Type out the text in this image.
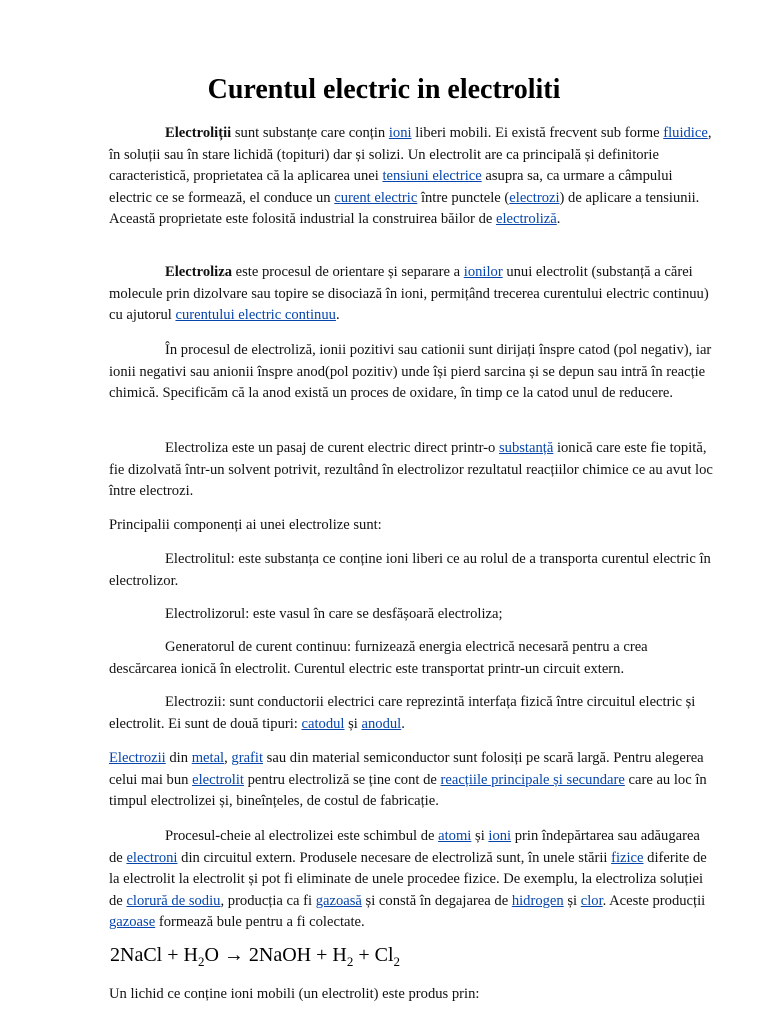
Curentul electric in electroliti

Electroliții sunt substanțe care conțin ioni liberi mobili. Ei există frecvent sub forme fluidice, în soluții sau în stare lichidă (topituri) dar și solizi. Un electrolit are ca principală și definitorie caracteristică, proprietatea că la aplicarea unei tensiuni electrice asupra sa, ca urmare a câmpului electric ce se formează, el conduce un curent electric între punctele (electrozi) de aplicare a tensiunii. Această proprietate este folosită industrial la construirea băilor de electroliză.

Electroliza este procesul de orientare și separare a ionilor unui electrolit (substanță a cărei molecule prin dizolvare sau topire se disociază în ioni, permițând trecerea curentului electric continuu) cu ajutorul curentului electric continuu.

În procesul de electroliză, ionii pozitivi sau cationii sunt dirijați înspre catod (pol negativ), iar ionii negativi sau anionii înspre anod(pol pozitiv) unde își pierd sarcina și se depun sau intră în reacție chimică. Specificăm că la anod există un proces de oxidare, în timp ce la catod unul de reducere.

Electroliza este un pasaj de curent electric direct printr-o substanță ionică care este fie topită, fie dizolvată într-un solvent potrivit, rezultând în electrolizor rezultatul reacțiilor chimice ce au avut loc între electrozi.

Principalii componenți ai unei electrolize sunt:

Electrolitul: este substanța ce conține ioni liberi ce au rolul de a transporta curentul electric în electrolizor.

Electrolizorul: este vasul în care se desfășoară electroliza;

Generatorul de curent continuu: furnizează energia electrică necesară pentru a crea descărcarea ionică în electrolit. Curentul electric este transportat printr-un circuit extern.

Electrozii: sunt conductorii electrici care reprezintă interfața fizică între circuitul electric și electrolit. Ei sunt de două tipuri: catodul și anodul.

Electrozii din metal, grafit sau din material semiconductor sunt folosiți pe scară largă. Pentru alegerea celui mai bun electrolit pentru electroliză se ține cont de reacțiile principale și secundare care au loc în timpul electrolizei și, bineînțeles, de costul de fabricație.

Procesul-cheie al electrolizei este schimbul de atomi și ioni prin îndepărtarea sau adăugarea de electroni din circuitul extern. Produsele necesare de electroliză sunt, în unele stării fizice diferite de la electrolit la electrolit și pot fi eliminate de unele procedee fizice. De exemplu, la electroliza soluției de clorură de sodiu, producția ca fi gazoasă și constă în degajarea de hidrogen și clor. Aceste producții gazoase formează bule pentru a fi colectate.

2NaCl + $H_2O$ → 2NaOH + $H_2 + Cl_2$

Un lichid ce conține ioni mobili (un electrolit) este produs prin:
